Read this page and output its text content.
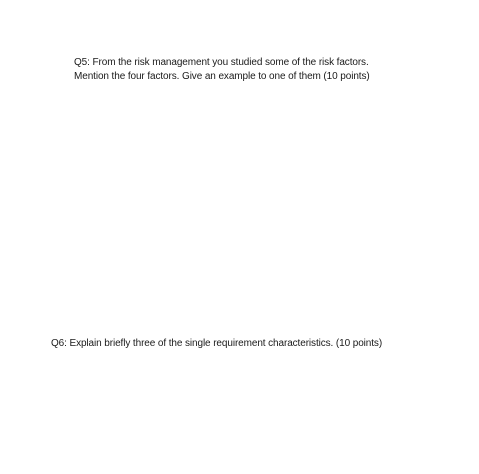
Q5: From the risk management you studied some of the risk factors.
Mention the four factors. Give an example to one of them (10 points)
Q6: Explain briefly three of the single requirement characteristics. (10 points)
